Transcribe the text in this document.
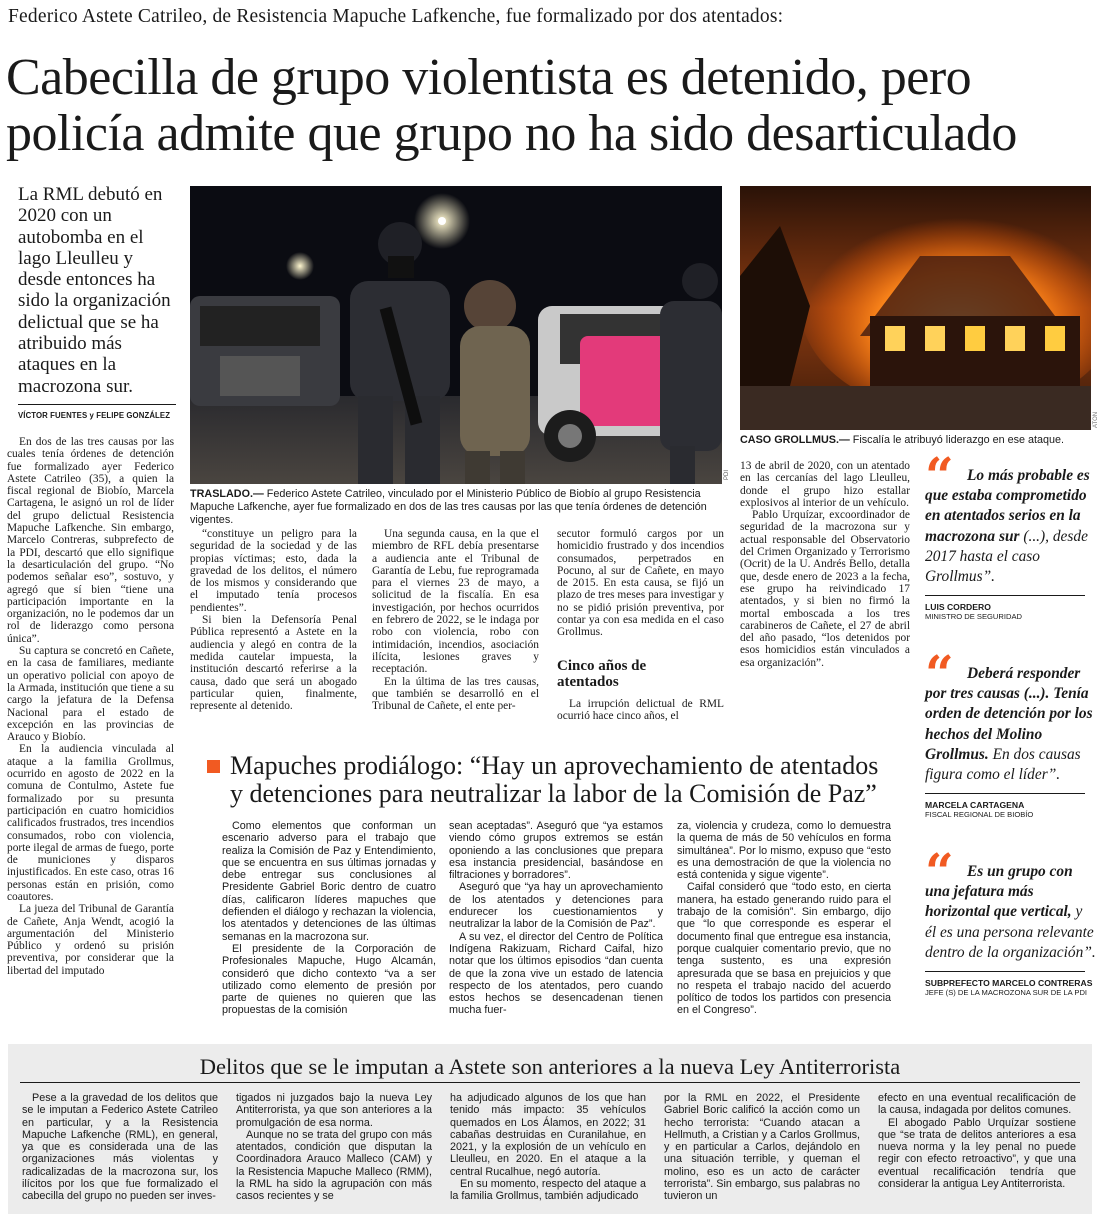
Federico Astete Catrileo, de Resistencia Mapuche Lafkenche, fue formalizado por dos atentados:
Cabecilla de grupo violentista es detenido, pero
policía admite que grupo no ha sido desarticulado
La RML debutó en 2020 con un autobomba en el lago Lleulleu y desde entonces ha sido la organización delictual que se ha atribuido más ataques en la macrozona sur.
VÍCTOR FUENTES y FELIPE GONZÁLEZ

En dos de las tres causas por las cuales tenía órdenes de detención fue formalizado ayer Federico Astete Catrileo (35), a quien la fiscal regional de Biobío, Marcela Cartagena, le asignó un rol de líder del grupo delictual Resistencia Mapuche Lafkenche. Sin embargo, Marcelo Contreras, subprefecto de la PDI, descartó que ello signifique la desarticulación del grupo. “No podemos señalar eso”, sostuvo, y agregó que sí bien “tiene una participación importante en la organización, no le podemos dar un rol de liderazgo como persona única”.

Su captura se concretó en Cañete, en la casa de familiares, mediante un operativo policial con apoyo de la Armada, institución que tiene a su cargo la jefatura de la Defensa Nacional para el estado de excepción en las provincias de Arauco y Biobío.

En la audiencia vinculada al ataque a la familia Grollmus, ocurrido en agosto de 2022 en la comuna de Contulmo, Astete fue formalizado por su presunta participación en cuatro homicidios calificados frustrados, tres incendios consumados, robo con violencia, porte ilegal de armas de fuego, porte de municiones y disparos injustificados. En este caso, otras 16 personas están en prisión, como coautores.

La jueza del Tribunal de Garantía de Cañete, Anja Wendt, acogió la argumentación del Ministerio Público y ordenó su prisión preventiva, por considerar que la libertad del imputado

PDI
TRASLADO.— Federico Astete Catrileo, vinculado por el Ministerio Público de Biobío al grupo Resistencia Mapuche Lafkenche, ayer fue formalizado en dos de las tres causas por las que tenía órdenes de detención vigentes.
ATON
CASO GROLLMUS.— Fiscalía le atribuyó liderazgo en ese ataque.

“constituye un peligro para la seguridad de la sociedad y de las propias víctimas; esto, dada la gravedad de los delitos, el número de los mismos y considerando que el imputado tenía procesos pendientes”.

Si bien la Defensoría Penal Pública representó a Astete en la audiencia y alegó en contra de la medida cautelar impuesta, la institución descartó referirse a la causa, dado que será un abogado particular quien, finalmente, represente al detenido.

Una segunda causa, en la que el miembro de RFL debía presentarse a audiencia ante el Tribunal de Garantía de Lebu, fue reprogramada para el viernes 23 de mayo, a solicitud de la fiscalía. En esa investigación, por hechos ocurridos en febrero de 2022, se le indaga por robo con violencia, robo con intimidación, incendios, asociación ilícita, lesiones graves y receptación.

En la última de las tres causas, que también se desarrolló en el Tribunal de Cañete, el ente per-

secutor formuló cargos por un homicidio frustrado y dos incendios consumados, perpetrados en Pocuno, al sur de Cañete, en mayo de 2015. En esta causa, se fijó un plazo de tres meses para investigar y no se pidió prisión preventiva, por contar ya con esa medida en el caso Grollmus.

Cinco años de atentados

La irrupción delictual de RML ocurrió hace cinco años, el

13 de abril de 2020, con un atentado en las cercanías del lago Lleulleu, donde el grupo hizo estallar explosivos al interior de un vehículo.

Pablo Urquízar, excoordinador de seguridad de la macrozona sur y actual responsable del Observatorio del Crimen Organizado y Terrorismo (Ocrit) de la U. Andrés Bello, detalla que, desde enero de 2023 a la fecha, ese grupo ha reivindicado 17 atentados, y si bien no firmó la mortal emboscada a los tres carabineros de Cañete, el 27 de abril del año pasado, “los detenidos por esos homicidios están vinculados a esa organización”.

Mapuches prodiálogo: “Hay un aprovechamiento de atentados
y detenciones para neutralizar la labor de la Comisión de Paz”

Como elementos que conforman un escenario adverso para el trabajo que realiza la Comisión de Paz y Entendimiento, que se encuentra en sus últimas jornadas y debe entregar sus conclusiones al Presidente Gabriel Boric dentro de cuatro días, calificaron líderes mapuches que defienden el diálogo y rechazan la violencia, los atentados y detenciones de las últimas semanas en la macrozona sur.

El presidente de la Corporación de Profesionales Mapuche, Hugo Alcamán, consideró que dicho contexto “va a ser utilizado como elemento de presión por parte de quienes no quieren que las propuestas de la comisión

sean aceptadas”. Aseguró que “ya estamos viendo cómo grupos extremos se están oponiendo a las conclusiones que prepara esa instancia presidencial, basándose en filtraciones y borradores”.

Aseguró que “ya hay un aprovechamiento de los atentados y detenciones para endurecer los cuestionamientos y neutralizar la labor de la Comisión de Paz”.

A su vez, el director del Centro de Política Indígena Rakizuam, Richard Caifal, hizo notar que los últimos episodios “dan cuenta de que la zona vive un estado de latencia respecto de los atentados, pero cuando estos hechos se desencadenan tienen mucha fuer-

za, violencia y crudeza, como lo demuestra la quema de más de 50 vehículos en forma simultánea”. Por lo mismo, expuso que “esto es una demostración de que la violencia no está contenida y sigue vigente”.

Caifal consideró que “todo esto, en cierta manera, ha estado generando ruido para el trabajo de la comisión”. Sin embargo, dijo que “lo que corresponde es esperar el documento final que entregue esa instancia, porque cualquier comentario previo, que no tenga sustento, es una expresión apresurada que se basa en prejuicios y que no respeta el trabajo nacido del acuerdo político de todos los partidos con presencia en el Congreso”.

“ Lo más probable es que estaba comprometido en atentados serios en la macrozona sur (...), desde 2017 hasta el caso Grollmus”.
LUIS CORDERO
MINISTRO DE SEGURIDAD
“ Deberá responder por tres causas (...). Tenía orden de detención por los hechos del Molino Grollmus. En dos causas figura como el líder”.
MARCELA CARTAGENA
FISCAL REGIONAL DE BIOBÍO
“ Es un grupo con una jefatura más horizontal que vertical, y él es una persona relevante dentro de la organización”.
SUBPREFECTO MARCELO CONTRERAS
JEFE (S) DE LA MACROZONA SUR DE LA PDI
Delitos que se le imputan a Astete son anteriores a la nueva Ley Antiterrorista

Pese a la gravedad de los delitos que se le imputan a Federico Astete Catrileo en particular, y a la Resistencia Mapuche Lafkenche (RML), en general, ya que es considerada una de las organizaciones más violentas y radicalizadas de la macrozona sur, los ilícitos por los que fue formalizado el cabecilla del grupo no pueden ser inves-

tigados ni juzgados bajo la nueva Ley Antiterrorista, ya que son anteriores a la promulgación de esa norma.

Aunque no se trata del grupo con más atentados, condición que disputan la Coordinadora Arauco Malleco (CAM) y la Resistencia Mapuche Malleco (RMM), la RML ha sido la agrupación con más casos recientes y se

ha adjudicado algunos de los que han tenido más impacto: 35 vehículos quemados en Los Álamos, en 2022; 31 cabañas destruidas en Curanilahue, en 2021, y la explosión de un vehículo en Lleulleu, en 2020. En el ataque a la central Rucalhue, negó autoría.

En su momento, respecto del ataque a la familia Grollmus, también adjudicado

por la RML en 2022, el Presidente Gabriel Boric calificó la acción como un hecho terrorista: “Cuando atacan a Hellmuth, a Cristian y a Carlos Grollmus, y en particular a Carlos, dejándolo en una situación terrible, y queman el molino, eso es un acto de carácter terrorista”. Sin embargo, sus palabras no tuvieron un

efecto en una eventual recalificación de la causa, indagada por delitos comunes.

El abogado Pablo Urquízar sostiene que “se trata de delitos anteriores a esa nueva norma y la ley penal no puede regir con efecto retroactivo”, y que una eventual recalificación tendría que considerar la antigua Ley Antiterrorista.
